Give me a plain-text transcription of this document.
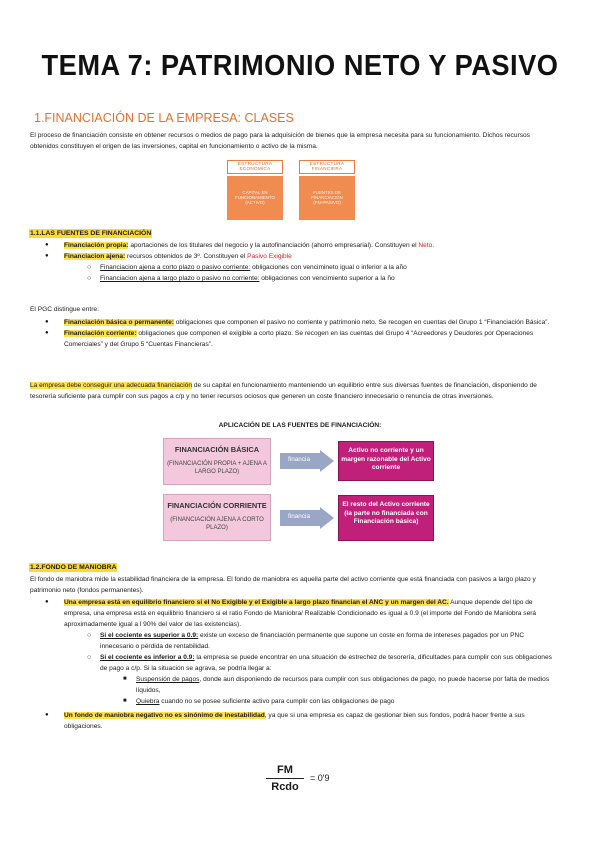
TEMA 7: PATRIMONIO NETO Y PASIVO
1.FINANCIACIÓN DE LA EMPRESA: CLASES
El proceso de financiación consiste en obtener recursos o medios de pago para la adquisición de bienes que la empresa necesita para su funcionamiento. Dichos recursos obtenidos constituyen el origen de las inversiones, capital en funcionamiento o activo de la misma.
ESTRUCTURA ECONÓMICA
CAPITAL EN FUNCIONAMIENTO (ACTIVO)
ESTRUCTURA FINANCIERA
FUENTES DE FINANCIACIÓN (PN+PASIVO)
1.1.LAS FUENTES DE FINANCIACIÓN
● Financiación propia: aportaciones de los titulares del negocio y la autofinanciación (ahorro empresarial). Constituyen el Neto.
● Financiacion ajena: recursos obtenidos de 3º. Constituyen el Pasivo Exigible
○ Financiacion ajena a corto plazo o pasivo corriente: obligaciones con vencimineto igual o inferior a la año
○ Financiacion ajena a largo plazo o pasivo no corriente: obligaciones con vencimiento superior a la ño
El PGC distingue entre:
● Financiación básica o permanente: obligaciones que componen el pasivo no corriente y patrimonio neto. Se recogen en cuentas del Grupo 1 “Financiación Básica”.
● Financiación corriente: obligaciones que componen el exigible a corto plazo. Se recogen en las cuentas del Grupo 4 “Acreedores y Deudores por Operaciones Comerciales” y del Grupo 5 “Cuentas Financieras”.
La empresa debe conseguir una adecuada financiación de su capital en funcionamiento manteniendo un equilibrio entre sus diversas fuentes de financiación, disponiendo de tesorería suficiente para cumplir con sus pagos a c/p y no tener recursos ociosos que generen un coste financiero innecesario o renuncia de otras inversiones.
APLICACIÓN DE LAS FUENTES DE FINANCIACIÓN:
FINANCIACIÓN BÁSICA
(FINANCIACIÓN PROPIA + AJENA A LARGO PLAZO)
financia
Activo no corriente y un margen razonable del Activo corriente
FINANCIACIÓN CORRIENTE
(FINANCIACIÓN AJENA A CORTO PLAZO)
financia
El resto del Activo corriente (la parte no financiada con Financiación básica)
1.2.FONDO DE MANIOBRA
El fondo de maniobra mide la estabilidad financiera de la empresa. El fondo de maniobra es aquella parte del activo corriente que está financiada con pasivos a largo plazo y patrimonio neto (fondos permanentes).
● Una empresa está en equilibrio financiero si el No Exigible y el Exigible a largo plazo financian el ANC y un margen del AC. Aunque depende del tipo de empresa, una empresa está en equilibrio financiero si el ratio Fondo de Maniobra/ Realizable Condicionado es igual a 0.9 (el importe del Fondo de Maniobra será aproximadamente igual a l 90% del valor de las existencias).
○ Si el cociente es superior a 0.9: existe un exceso de financiación permanente que supone un coste en forma de intereses pagados por un PNC innecesario o pérdida de rentabilidad.
○ Si el cociente es inferior a 0.9: la empresa se puede encontrar en una situación de estrechez de tesorería, dificultades para cumplir con sus obligaciones de pago a c/p. Si la situación se agrava, se podría llegar a:
■ Suspensión de pagos, donde aun disponiendo de recursos para cumplir con sus obligaciones de pago, no puede hacerse por falta de medios líquidos,
■ Quiebra cuando no se posee suficiente activo para cumplir con las obligaciones de pago
● Un fondo de maniobra negativo no es sinónimo de inestabilidad, ya que si una empresa es capaz de gestionar bien sus fondos, podrá hacer frente a sus obligaciones.
FM
Rcdo
= 0'9
